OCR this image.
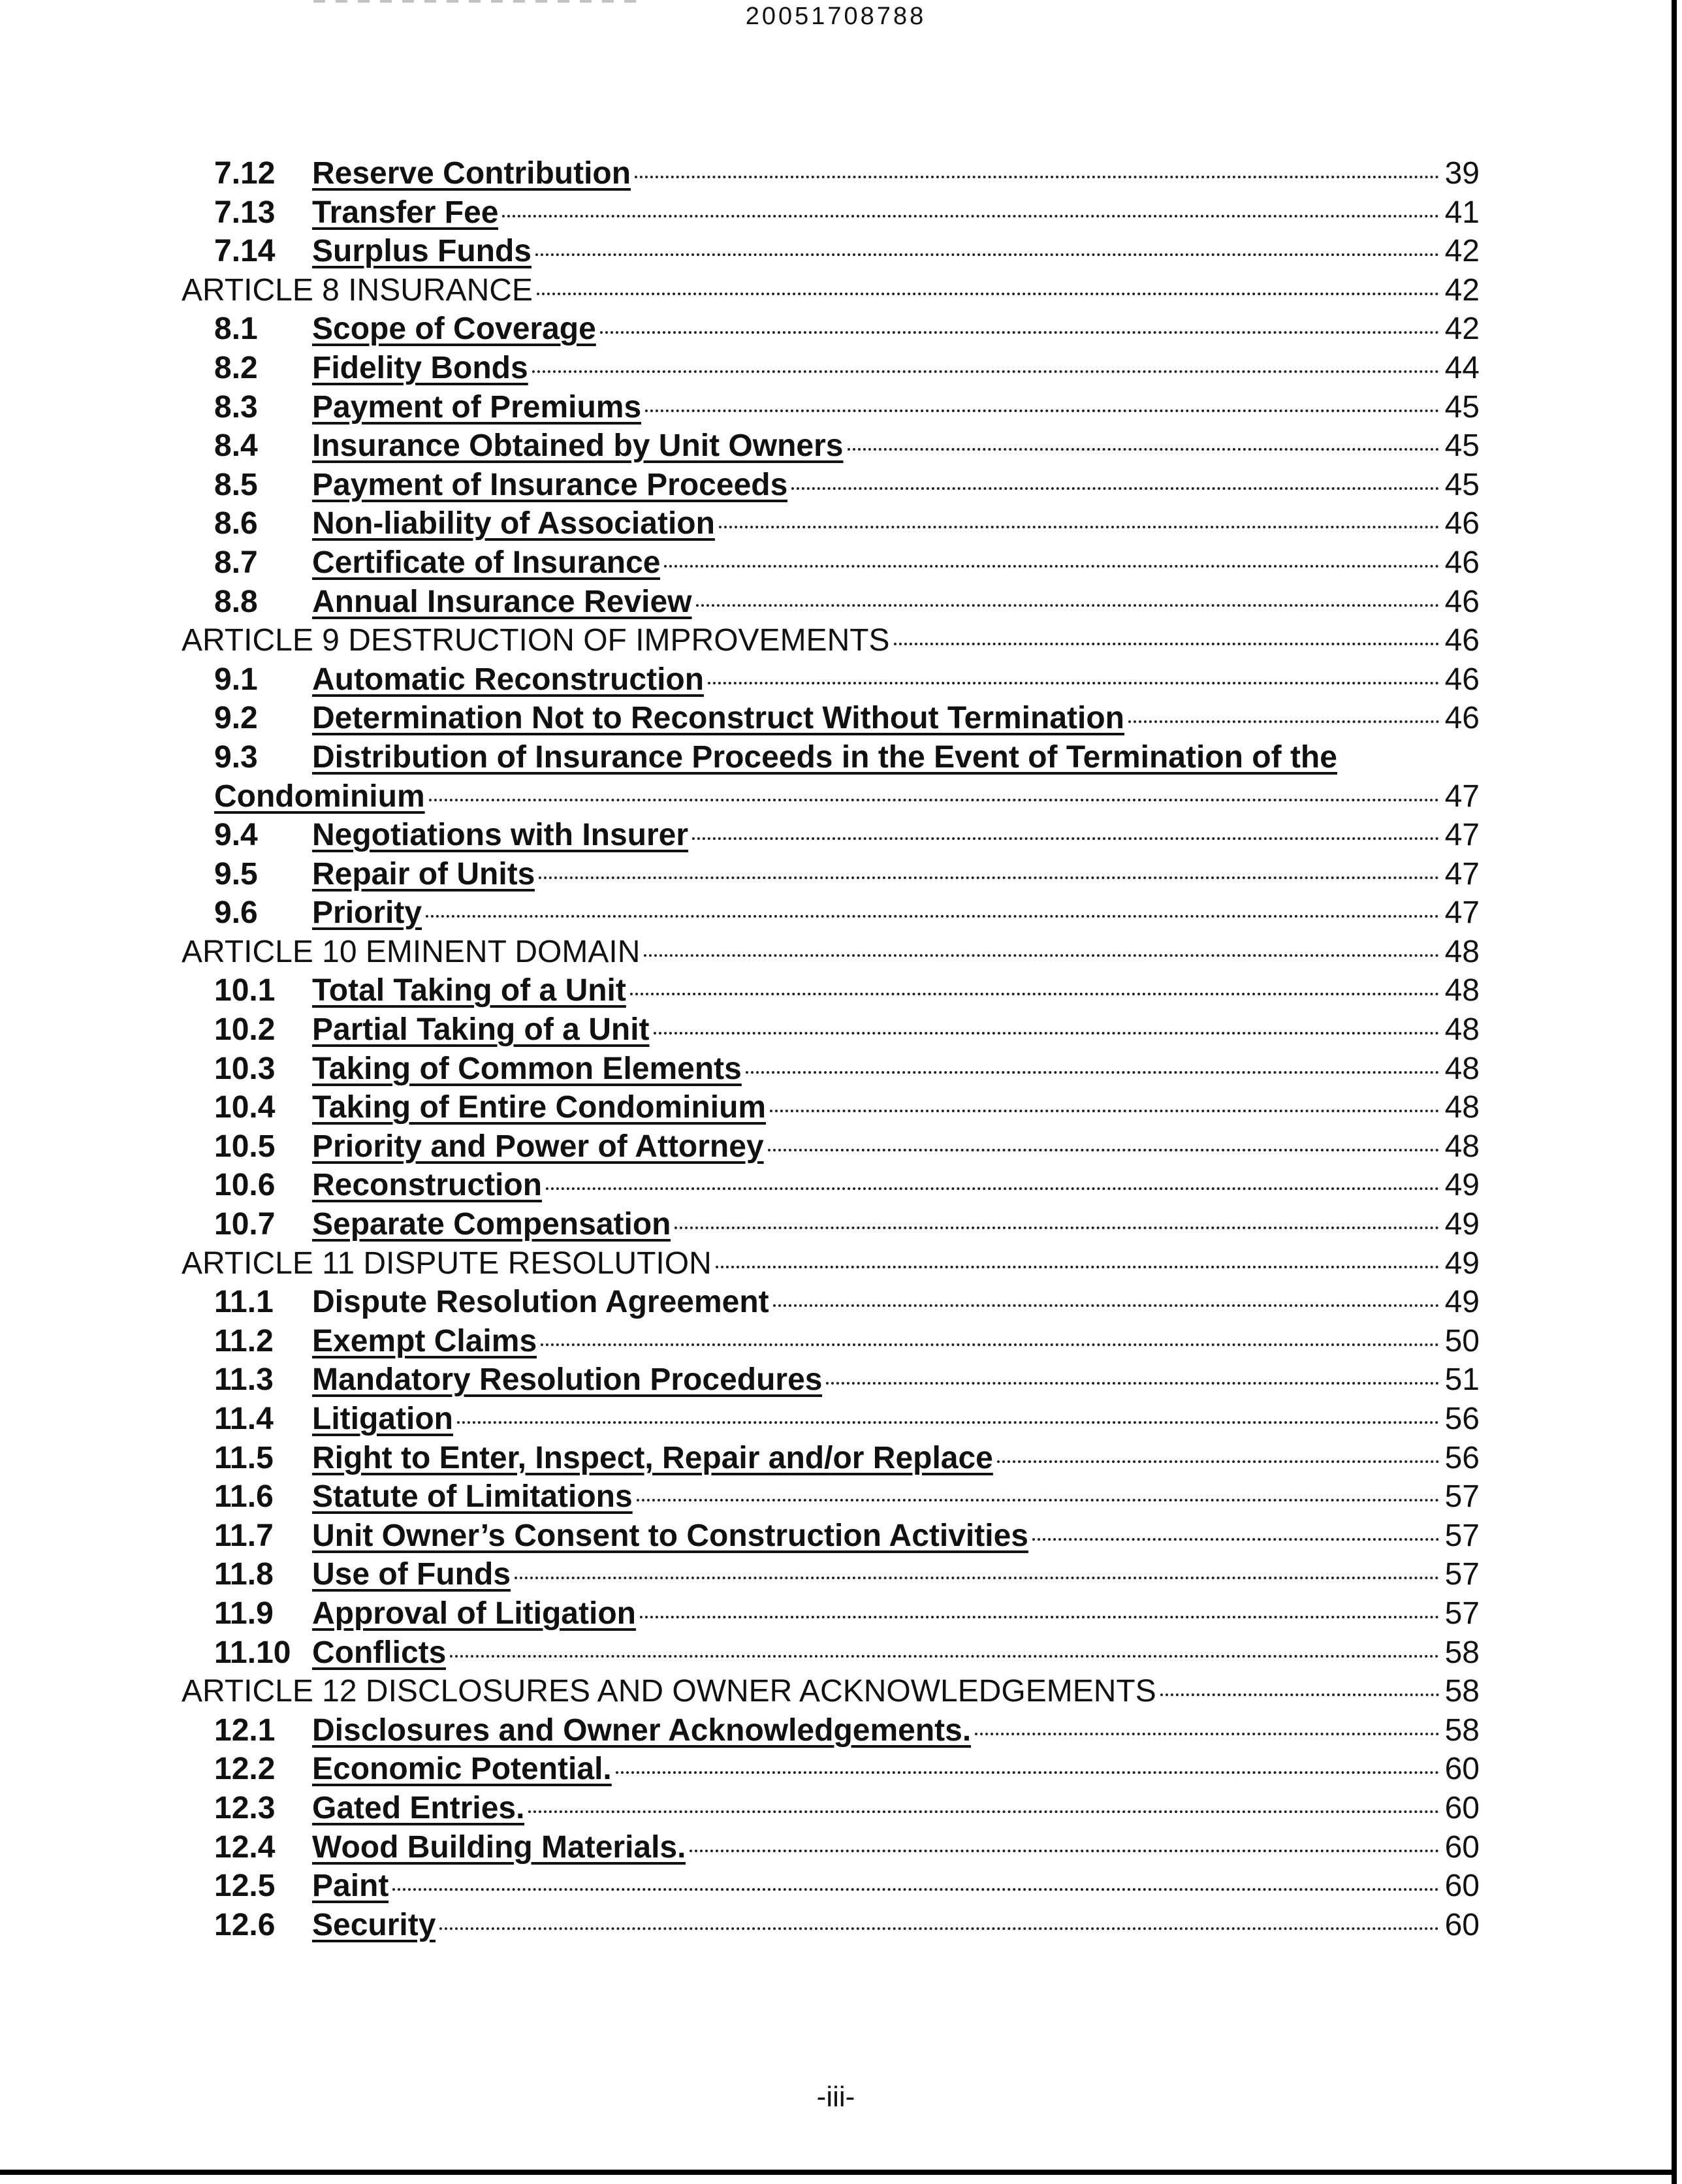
20051708788
7.12	Reserve Contribution	39
7.13	Transfer Fee	41
7.14	Surplus Funds	42
ARTICLE 8 INSURANCE	42
8.1	Scope of Coverage	42
8.2	Fidelity Bonds	44
8.3	Payment of Premiums	45
8.4	Insurance Obtained by Unit Owners	45
8.5	Payment of Insurance Proceeds	45
8.6	Non-liability of Association	46
8.7	Certificate of Insurance	46
8.8	Annual Insurance Review	46
ARTICLE 9 DESTRUCTION OF IMPROVEMENTS	46
9.1	Automatic Reconstruction	46
9.2	Determination Not to Reconstruct Without Termination	46
9.3	Distribution of Insurance Proceeds in the Event of Termination of the
Condominium	47
9.4	Negotiations with Insurer	47
9.5	Repair of Units	47
9.6	Priority	47
ARTICLE 10 EMINENT DOMAIN	48
10.1	Total Taking of a Unit	48
10.2	Partial Taking of a Unit	48
10.3	Taking of Common Elements	48
10.4	Taking of Entire Condominium	48
10.5	Priority and Power of Attorney	48
10.6	Reconstruction	49
10.7	Separate Compensation	49
ARTICLE 11 DISPUTE RESOLUTION	49
11.1	Dispute Resolution Agreement	49
11.2	Exempt Claims	50
11.3	Mandatory Resolution Procedures	51
11.4	Litigation	56
11.5	Right to Enter, Inspect, Repair and/or Replace	56
11.6	Statute of Limitations	57
11.7	Unit Owner’s Consent to Construction Activities	57
11.8	Use of Funds	57
11.9	Approval of Litigation	57
11.10 Conflicts	58
ARTICLE 12 DISCLOSURES AND OWNER ACKNOWLEDGEMENTS	58
12.1	Disclosures and Owner Acknowledgements.	58
12.2	Economic Potential.	60
12.3	Gated Entries.	60
12.4	Wood Building Materials.	60
12.5	Paint	60
12.6	Security	60
-iii-
